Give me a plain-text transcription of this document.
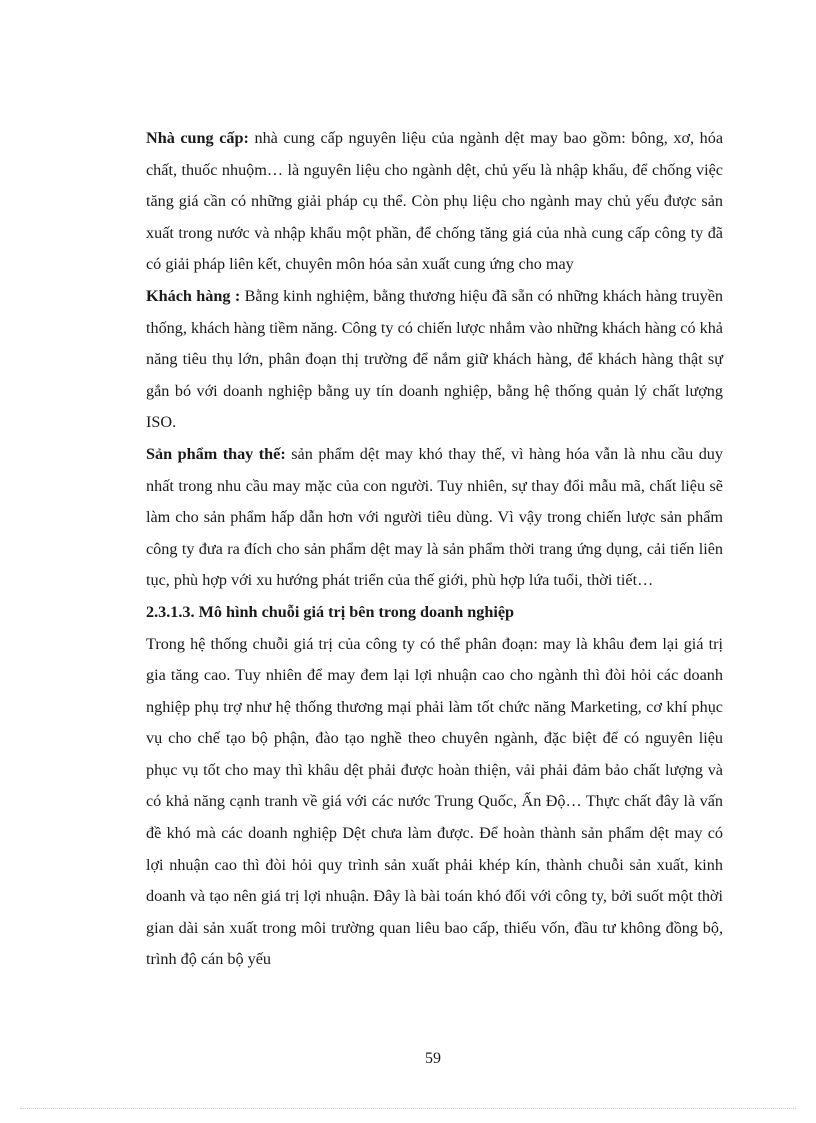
Nhà cung cấp: nhà cung cấp nguyên liệu của ngành dệt may bao gồm: bông, xơ, hóa chất, thuốc nhuộm… là nguyên liệu cho ngành dệt, chủ yếu là nhập khẩu, để chống việc tăng giá cần có những giải pháp cụ thể. Còn phụ liệu cho ngành may chủ yếu được sản xuất trong nước và nhập khẩu một phần, để chống tăng giá của nhà cung cấp công ty đã có giải pháp liên kết, chuyên môn hóa sản xuất cung ứng cho may

Khách hàng : Bằng kinh nghiệm, bằng thương hiệu đã sẵn có những khách hàng truyền thống, khách hàng tiềm năng. Công ty có chiến lược nhắm vào những khách hàng có khả năng tiêu thụ lớn, phân đoạn thị trường để nắm giữ khách hàng, để khách hàng thật sự gắn bó với doanh nghiệp bằng uy tín doanh nghiệp, bằng hệ thống quản lý chất lượng ISO.

Sản phẩm thay thế: sản phẩm dệt may khó thay thế, vì hàng hóa vẫn là nhu cầu duy nhất trong nhu cầu may mặc của con người. Tuy nhiên, sự thay đổi mẫu mã, chất liệu sẽ làm cho sản phẩm hấp dẫn hơn với người tiêu dùng. Vì vậy trong chiến lược sản phẩm công ty đưa ra đích cho sản phẩm dệt may là sản phẩm thời trang ứng dụng, cải tiến liên tục, phù hợp với xu hướng phát triển của thế giới, phù hợp lứa tuổi, thời tiết…

2.3.1.3. Mô hình chuỗi giá trị bên trong doanh nghiệp

Trong hệ thống chuỗi giá trị của công ty có thể phân đoạn: may là khâu đem lại giá trị gia tăng cao. Tuy nhiên để may đem lại lợi nhuận cao cho ngành thì đòi hỏi các doanh nghiệp phụ trợ như hệ thống thương mại phải làm tốt chức năng Marketing, cơ khí phục vụ cho chế tạo bộ phận, đào tạo nghề theo chuyên ngành, đặc biệt để có nguyên liệu phục vụ tốt cho may thì khâu dệt phải được hoàn thiện, vải phải đảm bảo chất lượng và có khả năng cạnh tranh về giá với các nước Trung Quốc, Ấn Độ… Thực chất đây là vấn đề khó mà các doanh nghiệp Dệt chưa làm được. Để hoàn thành sản phẩm dệt may có lợi nhuận cao thì đòi hỏi quy trình sản xuất phải khép kín, thành chuỗi sản xuất, kinh doanh và tạo nên giá trị lợi nhuận. Đây là bài toán khó đối với công ty, bởi suốt một thời gian dài sản xuất trong môi trường quan liêu bao cấp, thiếu vốn, đầu tư không đồng bộ, trình độ cán bộ yếu

59
